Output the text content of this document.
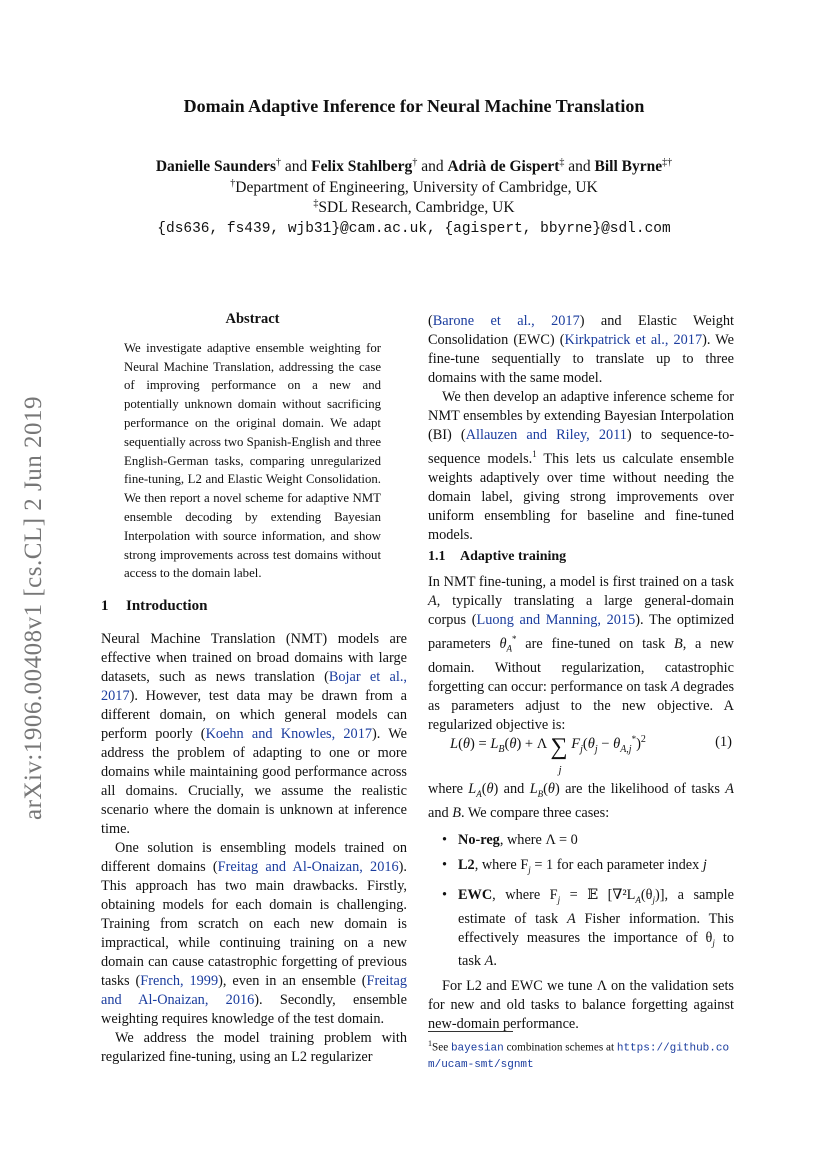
arXiv:1906.00408v1 [cs.CL] 2 Jun 2019
Domain Adaptive Inference for Neural Machine Translation
Danielle Saunders† and Felix Stahlberg† and Adrià de Gispert‡ and Bill Byrne‡†
†Department of Engineering, University of Cambridge, UK
‡SDL Research, Cambridge, UK
{ds636, fs439, wjb31}@cam.ac.uk, {agispert, bbyrne}@sdl.com
Abstract
We investigate adaptive ensemble weighting for Neural Machine Translation, addressing the case of improving performance on a new and potentially unknown domain without sacrificing performance on the original domain. We adapt sequentially across two Spanish-English and three English-German tasks, comparing unregularized fine-tuning, L2 and Elastic Weight Consolidation. We then report a novel scheme for adaptive NMT ensemble decoding by extending Bayesian Interpolation with source information, and show strong improvements across test domains without access to the domain label.
1 Introduction

Neural Machine Translation (NMT) models are effective when trained on broad domains with large datasets, such as news translation (Bojar et al., 2017). However, test data may be drawn from a different domain, on which general models can perform poorly (Koehn and Knowles, 2017). We address the problem of adapting to one or more domains while maintaining good performance across all domains. Crucially, we assume the realistic scenario where the domain is unknown at inference time.

One solution is ensembling models trained on different domains (Freitag and Al-Onaizan, 2016). This approach has two main drawbacks. Firstly, obtaining models for each domain is challenging. Training from scratch on each new domain is impractical, while continuing training on a new domain can cause catastrophic forgetting of previous tasks (French, 1999), even in an ensemble (Freitag and Al-Onaizan, 2016). Secondly, ensemble weighting requires knowledge of the test domain.

We address the model training problem with regularized fine-tuning, using an L2 regularizer

(Barone et al., 2017) and Elastic Weight Consolidation (EWC) (Kirkpatrick et al., 2017). We fine-tune sequentially to translate up to three domains with the same model.

We then develop an adaptive inference scheme for NMT ensembles by extending Bayesian Interpolation (BI) (Allauzen and Riley, 2011) to sequence-to-sequence models.$^1$ This lets us calculate ensemble weights adaptively over time without needing the domain label, giving strong improvements over uniform ensembling for baseline and fine-tuned models.

1.1 Adaptive training

In NMT fine-tuning, a model is first trained on a task A, typically translating a large general-domain corpus (Luong and Manning, 2015). The optimized parameters $\theta_A^*$ are fine-tuned on task B, a new domain. Without regularization, catastrophic forgetting can occur: performance on task A degrades as parameters adjust to the new objective. A regularized objective is:

$L(\theta) = L_B(\theta) + \Lambda$ ∑
j
$F_j(\theta_j - \theta_{A,j}^*)^2$	(1)

where $L_A(\theta)$ and $L_B(\theta)$ are the likelihood of tasks A and B. We compare three cases:

• No-reg, where Λ = 0
• L2, where $F_j = 1$ for each parameter index j
• EWC, where $F_j$ = 𝔼 $[\nabla^2L_A(\theta_j)]$, a sample estimate of task A Fisher information. This effectively measures the importance of $\theta_j$ to task A.

For L2 and EWC we tune Λ on the validation sets for new and old tasks to balance forgetting against new-domain performance.

$^1$See bayesian combination schemes at https://github.com/ucam-smt/sgnmt
